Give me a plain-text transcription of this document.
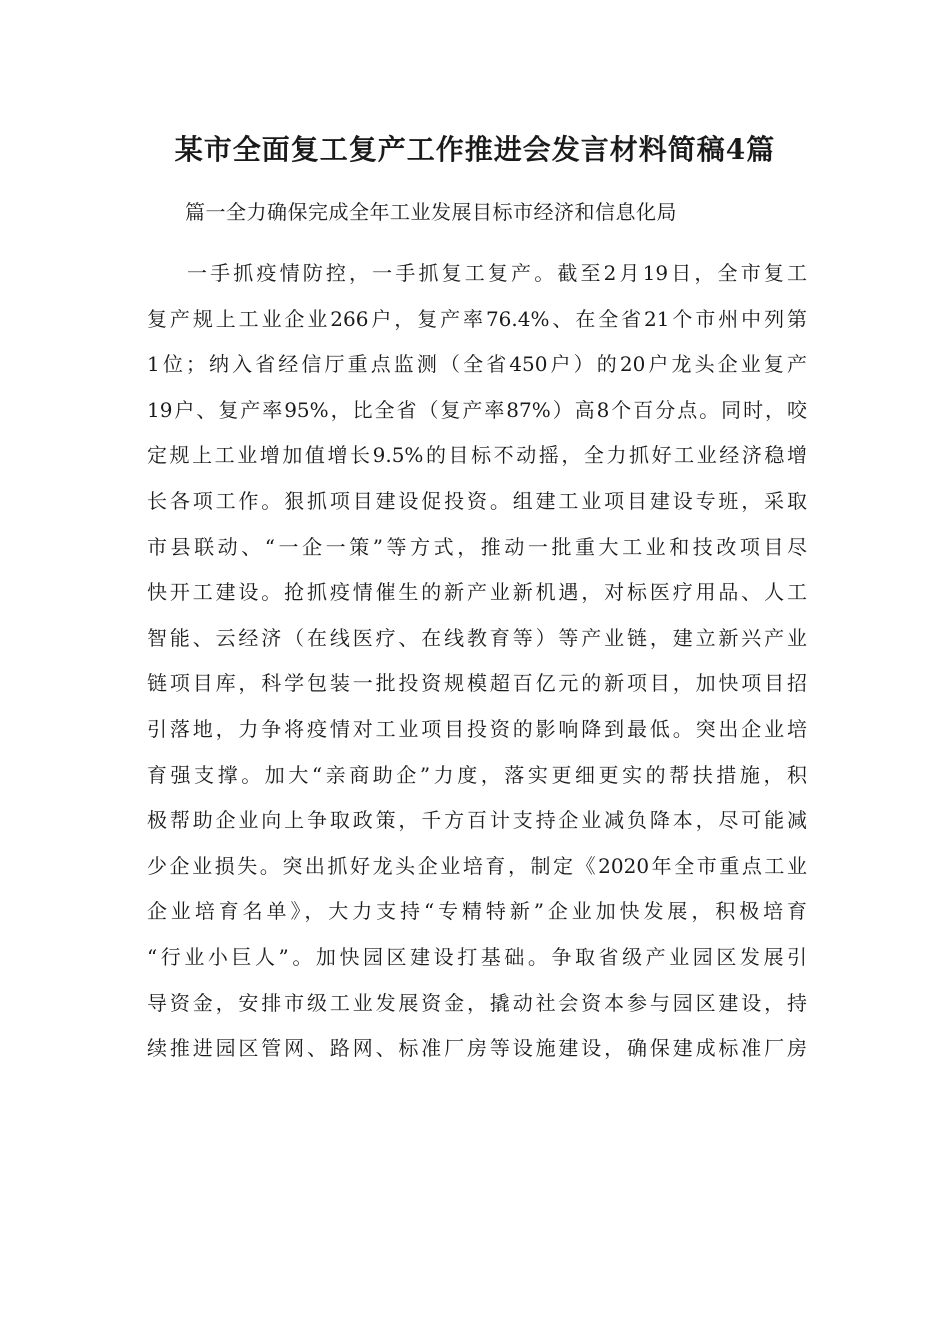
某市全面复工复产工作推进会发言材料简稿4篇

篇一全力确保完成全年工业发展目标市经济和信息化局

一手抓疫情防控，一手抓复工复产。截至2月19日，全市复工
复产规上工业企业266户，复产率76.4%、在全省21个市州中列第
1位；纳入省经信厅重点监测（全省450户）的20户龙头企业复产
19户、复产率95%，比全省（复产率87%）高8个百分点。同时，咬
定规上工业增加值增长9.5%的目标不动摇，全力抓好工业经济稳增
长各项工作。狠抓项目建设促投资。组建工业项目建设专班，采取
市县联动、“一企一策”等方式，推动一批重大工业和技改项目尽
快开工建设。抢抓疫情催生的新产业新机遇，对标医疗用品、人工
智能、云经济（在线医疗、在线教育等）等产业链，建立新兴产业
链项目库，科学包装一批投资规模超百亿元的新项目，加快项目招
引落地，力争将疫情对工业项目投资的影响降到最低。突出企业培
育强支撑。加大“亲商助企”力度，落实更细更实的帮扶措施，积
极帮助企业向上争取政策，千方百计支持企业减负降本，尽可能减
少企业损失。突出抓好龙头企业培育，制定《2020年全市重点工业
企业培育名单》，大力支持“专精特新”企业加快发展，积极培育
“行业小巨人”。加快园区建设打基础。争取省级产业园区发展引
导资金，安排市级工业发展资金，撬动社会资本参与园区建设，持
续推进园区管网、路网、标准厂房等设施建设，确保建成标准厂房
